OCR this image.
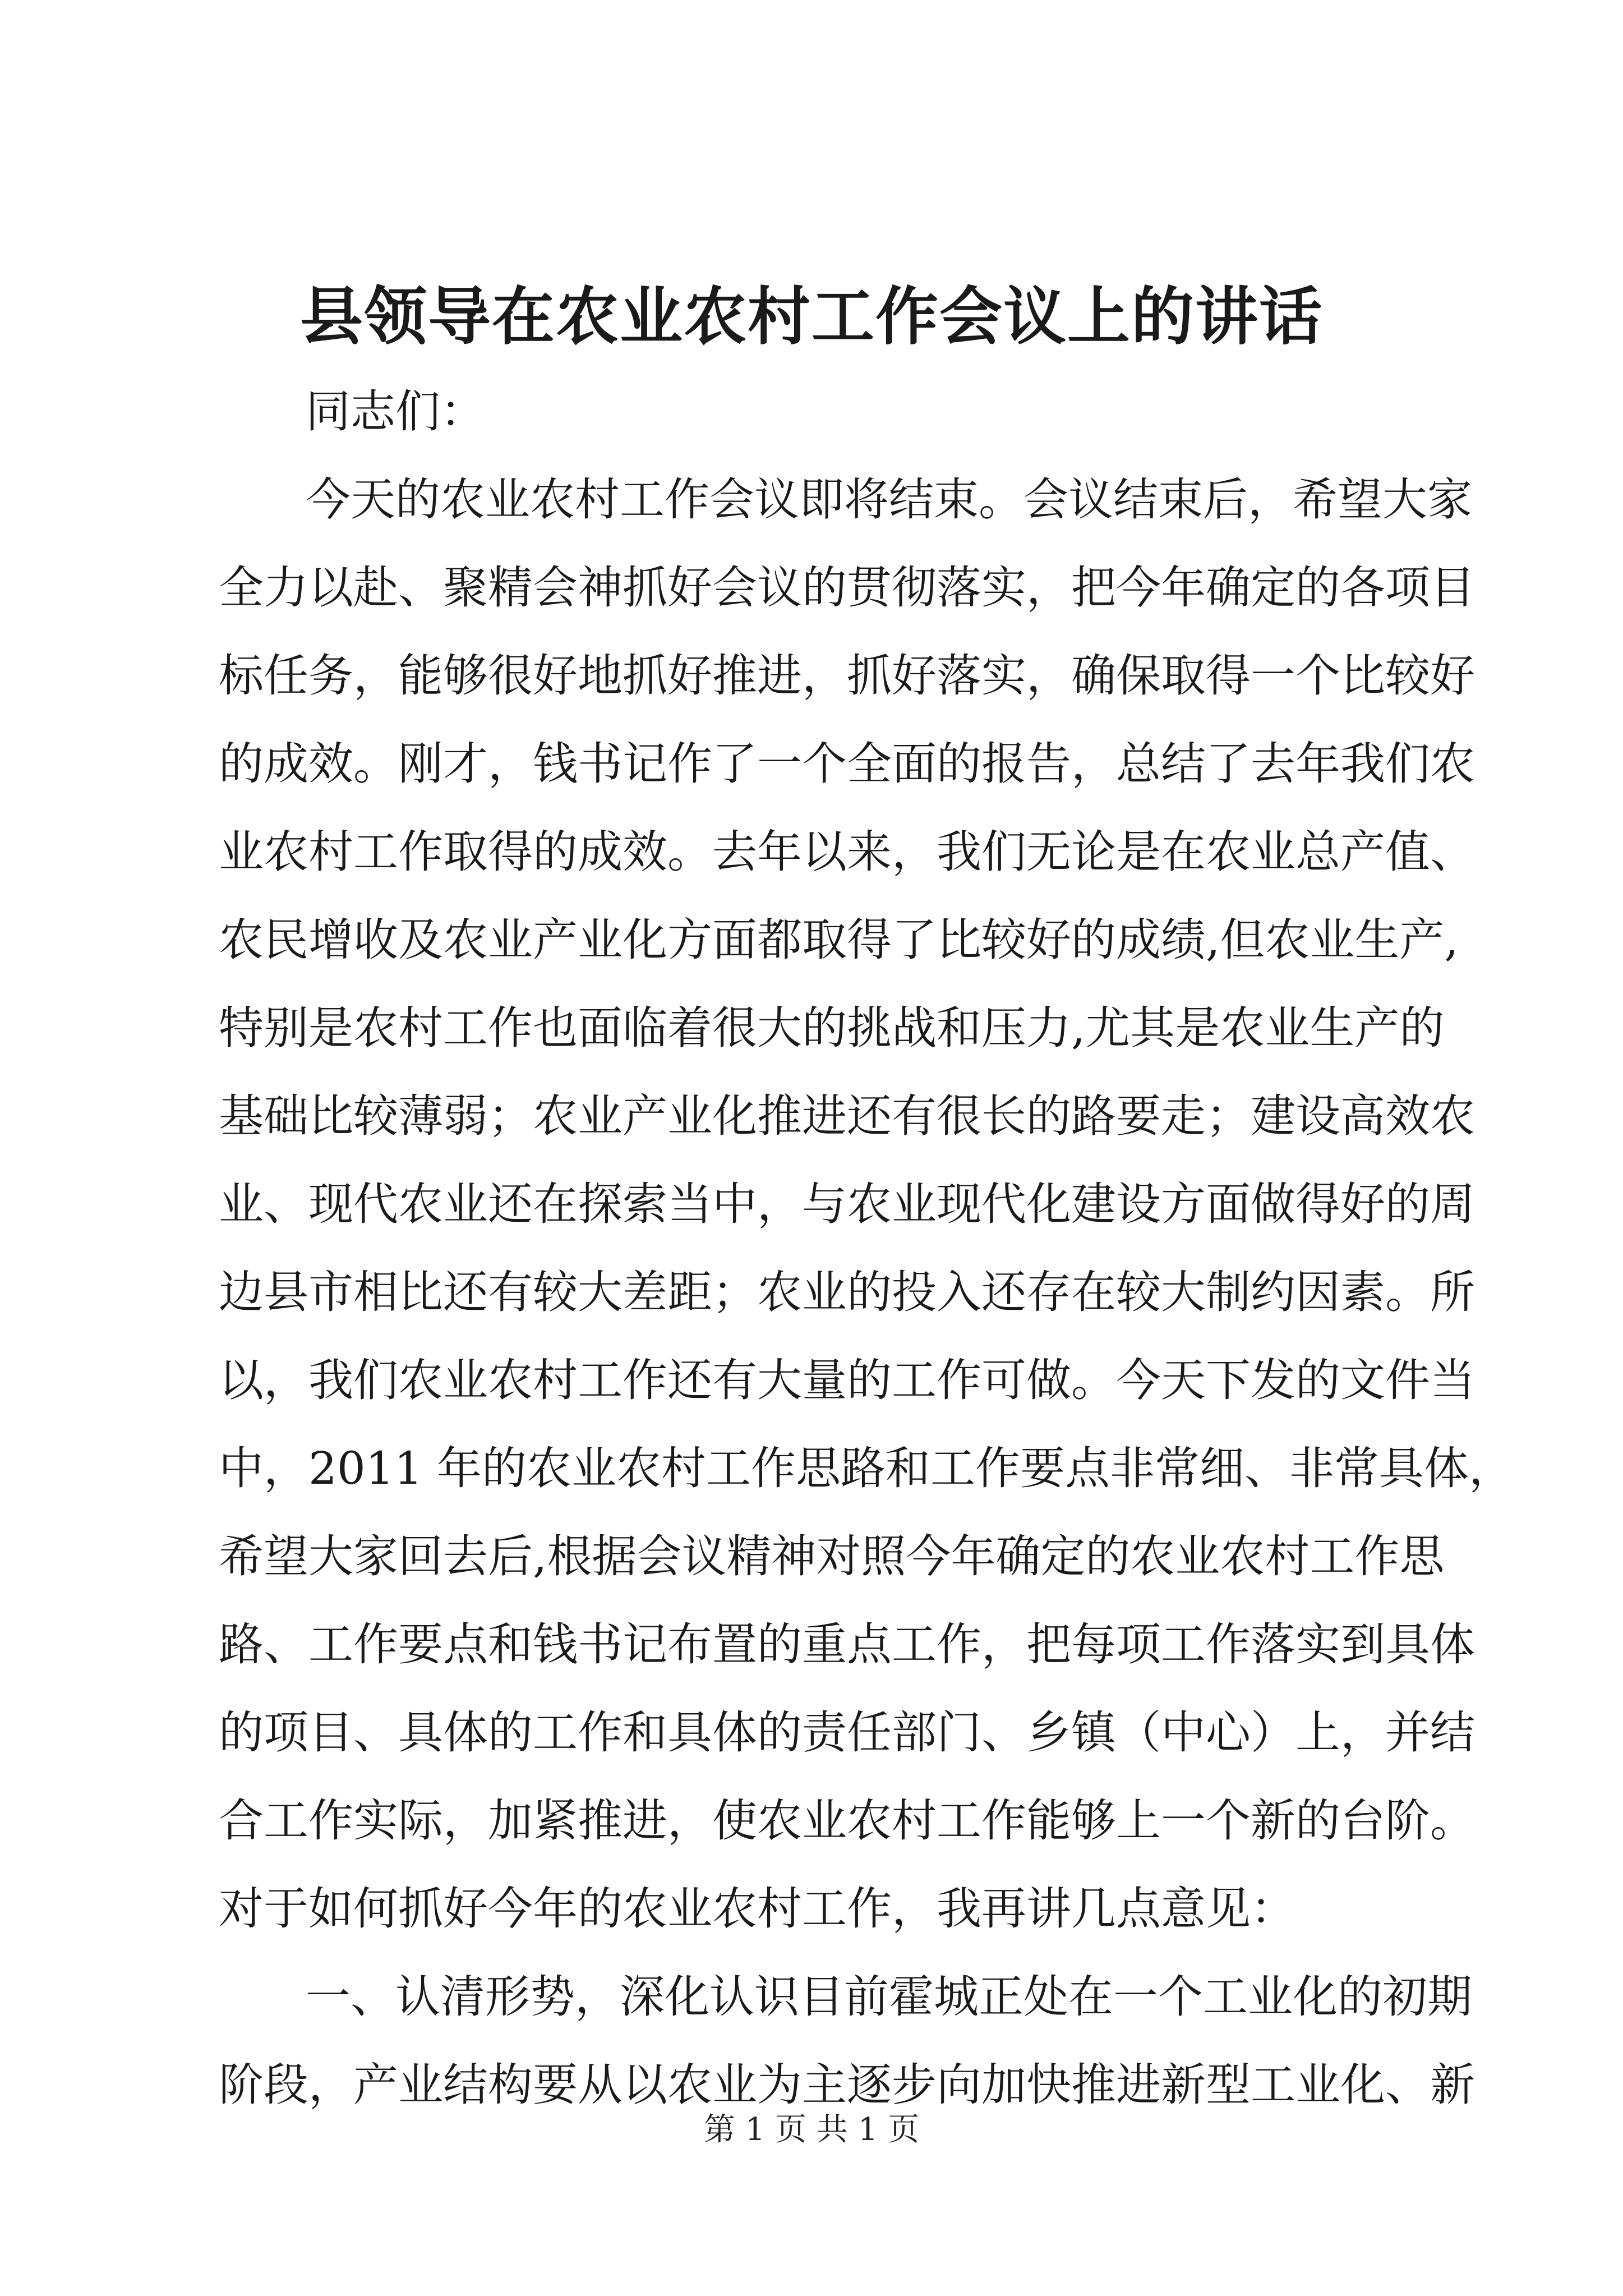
县领导在农业农村工作会议上的讲话
同志们：
今天的农业农村工作会议即将结束。会议结束后，希望大家
全力以赴、聚精会神抓好会议的贯彻落实，把今年确定的各项目
标任务，能够很好地抓好推进，抓好落实，确保取得一个比较好
的成效。刚才，钱书记作了一个全面的报告，总结了去年我们农
业农村工作取得的成效。去年以来，我们无论是在农业总产值、
农民增收及农业产业化方面都取得了比较好的成绩,但农业生产,
特别是农村工作也面临着很大的挑战和压力,尤其是农业生产的
基础比较薄弱；农业产业化推进还有很长的路要走；建设高效农
业、现代农业还在探索当中，与农业现代化建设方面做得好的周
边县市相比还有较大差距；农业的投入还存在较大制约因素。所
以，我们农业农村工作还有大量的工作可做。今天下发的文件当
中，2011 年的农业农村工作思路和工作要点非常细、非常具体，
希望大家回去后,根据会议精神对照今年确定的农业农村工作思
路、工作要点和钱书记布置的重点工作，把每项工作落实到具体
的项目、具体的工作和具体的责任部门、乡镇（中心）上，并结
合工作实际，加紧推进，使农业农村工作能够上一个新的台阶。
对于如何抓好今年的农业农村工作，我再讲几点意见：
一、认清形势，深化认识目前霍城正处在一个工业化的初期
阶段，产业结构要从以农业为主逐步向加快推进新型工业化、新
第 1 页 共 1 页
